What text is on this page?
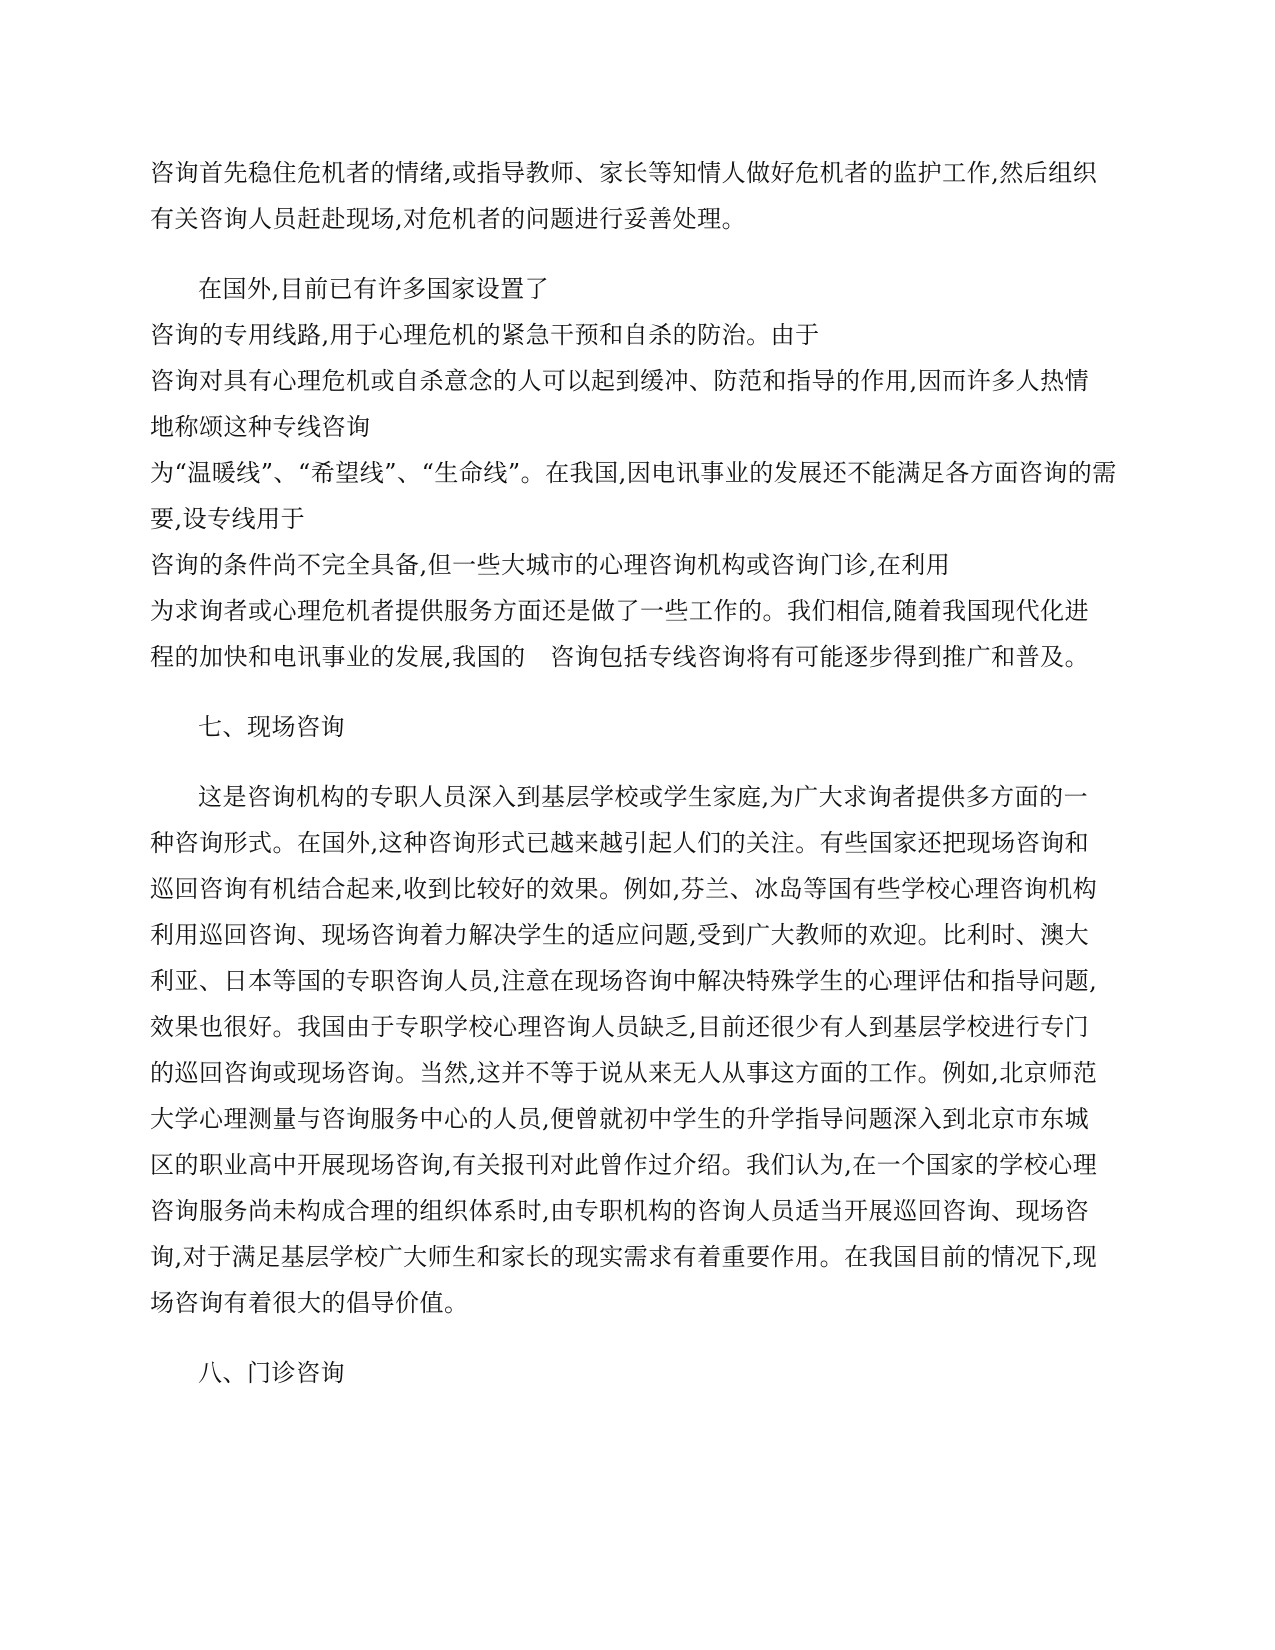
咨询首先稳住危机者的情绪,或指导教师、家长等知情人做好危机者的监护工作,然后组织
有关咨询人员赶赴现场,对危机者的问题进行妥善处理。
在国外,目前已有许多国家设置了
咨询的专用线路,用于心理危机的紧急干预和自杀的防治。由于
咨询对具有心理危机或自杀意念的人可以起到缓冲、防范和指导的作用,因而许多人热情
地称颂这种专线咨询
为“温暖线”、“希望线”、“生命线”。在我国,因电讯事业的发展还不能满足各方面咨询的需
要,设专线用于
咨询的条件尚不完全具备,但一些大城市的心理咨询机构或咨询门诊,在利用
为求询者或心理危机者提供服务方面还是做了一些工作的。我们相信,随着我国现代化进
程的加快和电讯事业的发展,我国的　咨询包括专线咨询将有可能逐步得到推广和普及。
七、现场咨询
这是咨询机构的专职人员深入到基层学校或学生家庭,为广大求询者提供多方面的一
种咨询形式。在国外,这种咨询形式已越来越引起人们的关注。有些国家还把现场咨询和
巡回咨询有机结合起来,收到比较好的效果。例如,芬兰、冰岛等国有些学校心理咨询机构
利用巡回咨询、现场咨询着力解决学生的适应问题,受到广大教师的欢迎。比利时、澳大
利亚、日本等国的专职咨询人员,注意在现场咨询中解决特殊学生的心理评估和指导问题,
效果也很好。我国由于专职学校心理咨询人员缺乏,目前还很少有人到基层学校进行专门
的巡回咨询或现场咨询。当然,这并不等于说从来无人从事这方面的工作。例如,北京师范
大学心理测量与咨询服务中心的人员,便曾就初中学生的升学指导问题深入到北京市东城
区的职业高中开展现场咨询,有关报刊对此曾作过介绍。我们认为,在一个国家的学校心理
咨询服务尚未构成合理的组织体系时,由专职机构的咨询人员适当开展巡回咨询、现场咨
询,对于满足基层学校广大师生和家长的现实需求有着重要作用。在我国目前的情况下,现
场咨询有着很大的倡导价值。
八、门诊咨询
